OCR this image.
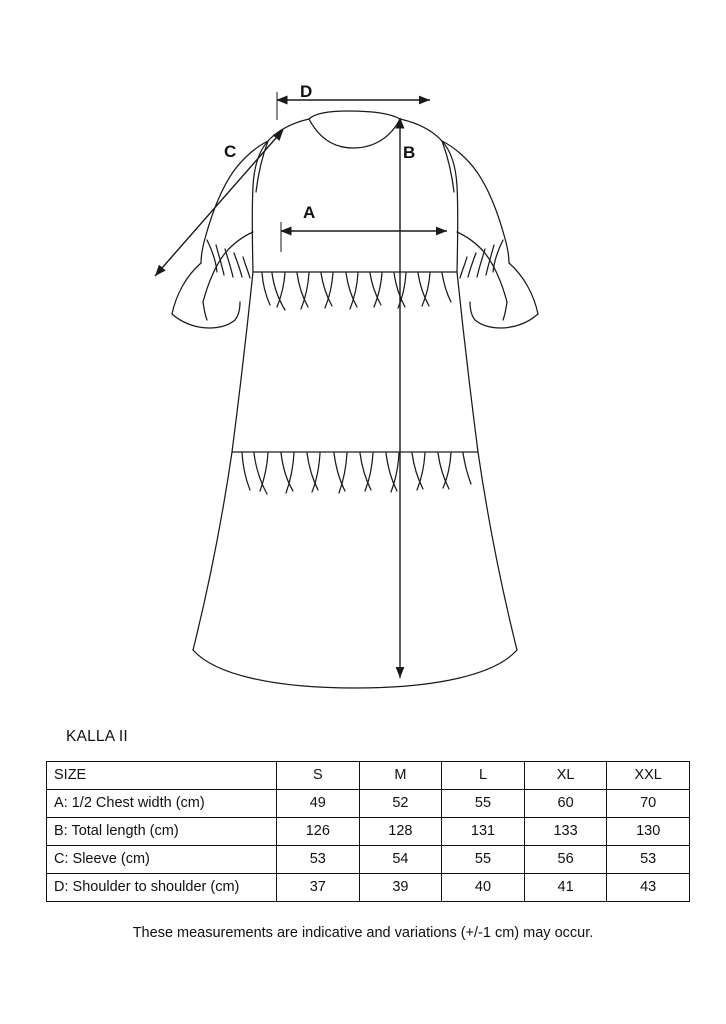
D
B
A
C
KALLA II
SIZE	S	M	L	XL	XXL
A: 1/2 Chest width (cm)	49	52	55	60	70
B: Total length (cm)	126	128	131	133	130
C: Sleeve (cm)	53	54	55	56	53
D: Shoulder to shoulder (cm)	37	39	40	41	43
These measurements are indicative and variations (+/-1 cm) may occur.
